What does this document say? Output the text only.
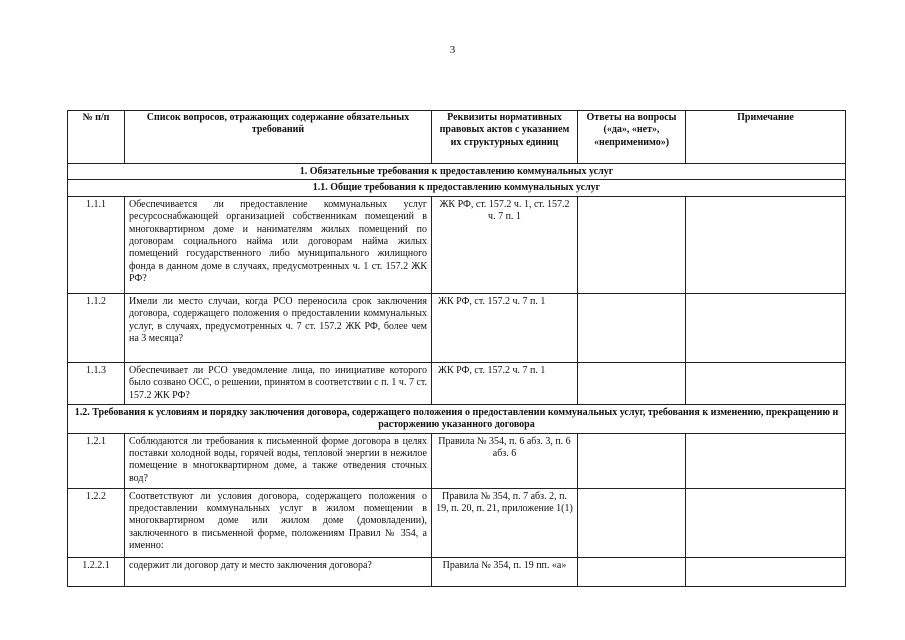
3
№ п/п	Список вопросов, отражающих содержание обязательных требований	Реквизиты нормативных правовых актов с указанием их структурных единиц	Ответы на вопросы («да», «нет», «неприменимо»)	Примечание
1. Обязательные требования к предоставлению коммунальных услуг				
1.1. Общие требования к предоставлению коммунальных услуг				
1.1.1	Обеспечивается ли предоставление коммунальных услуг ресурсоснабжающей организацией собственникам помещений в многоквартирном доме и нанимателям жилых помещений по договорам социального найма или договорам найма жилых помещений государственного либо муниципального жилищного фонда в данном доме в случаях, предусмотренных ч. 1 ст. 157.2 ЖК РФ?	ЖК РФ, ст. 157.2 ч. 1, ст. 157.2 ч. 7 п. 1		
1.1.2	Имели ли место случаи, когда РСО переносила срок заключения договора, содержащего положения о предоставлении коммунальных услуг, в случаях, предусмотренных ч. 7 ст. 157.2 ЖК РФ, более чем на 3 месяца?	ЖК РФ, ст. 157.2 ч. 7 п. 1		
1.1.3	Обеспечивает ли РСО уведомление лица, по инициативе которого было созвано ОСС, о решении, принятом в соответствии с п. 1 ч. 7 ст. 157.2 ЖК РФ?	ЖК РФ, ст. 157.2 ч. 7 п. 1		
1.2. Требования к условиям и порядку заключения договора, содержащего положения о предоставлении коммунальных услуг, требования к изменению, прекращению и расторжению указанного договора				
1.2.1	Соблюдаются ли требования к письменной форме договора в целях поставки холодной воды, горячей воды, тепловой энергии в нежилое помещение в многоквартирном доме, а также отведения сточных вод?	Правила № 354, п. 6 абз. 3, п. 6 абз. 6		
1.2.2	Соответствуют ли условия договора, содержащего положения о предоставлении коммунальных услуг в жилом помещении в многоквартирном доме или жилом доме (домовладении), заключенного в письменной форме, положениям Правил № 354, а именно:	Правила № 354, п. 7 абз. 2, п. 19, п. 20, п. 21, приложение 1(1)		
1.2.2.1	содержит ли договор дату и место заключения договора?	Правила № 354, п. 19 пп. «а»		
